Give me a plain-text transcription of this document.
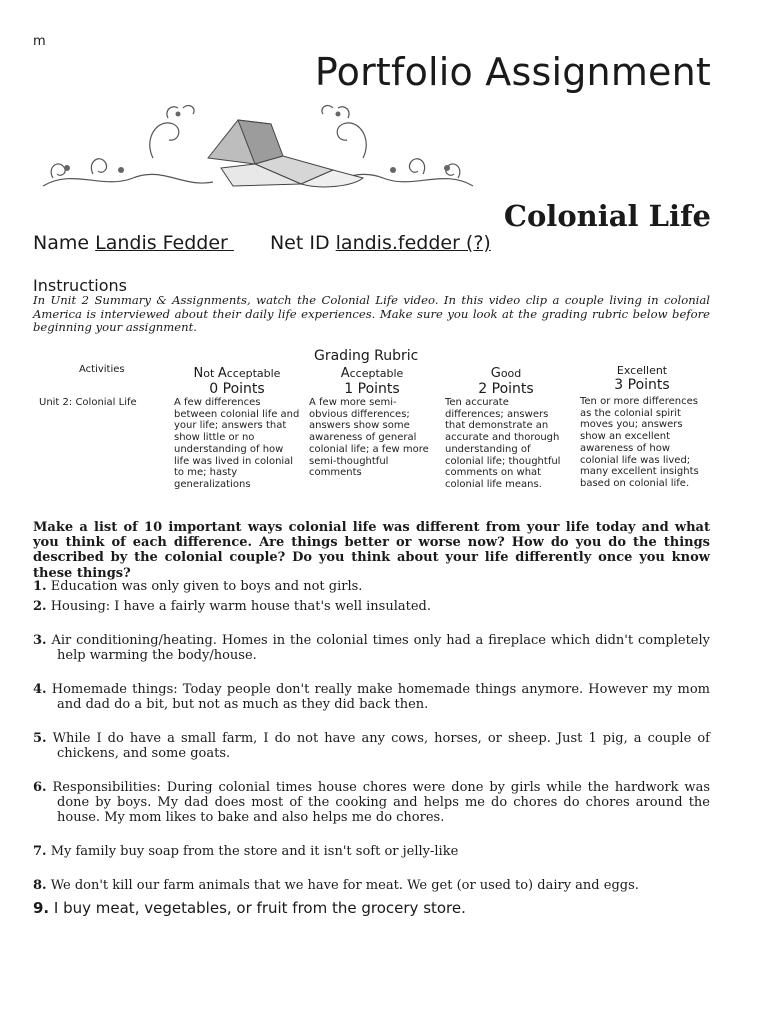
m
Portfolio Assignment
Colonial Life
Name Landis Fedder  Net ID landis.fedder (?)
Instructions
In Unit 2 Summary & Assignments, watch the Colonial Life video. In this video clip a couple living in colonial America is interviewed about their daily life experiences. Make sure you look at the grading rubric below before beginning your assignment.
Grading Rubric
Activities
Unit 2: Colonial Life
Not Acceptable
0 Points
A few differences between colonial life and your life; answers that show little or no understanding of how life was lived in colonial to me; hasty generalizations
Acceptable
1 Points
A few more semi-obvious differences; answers show some awareness of general colonial life; a few more semi-thoughtful comments
Good
2 Points
Ten accurate differences; answers that demonstrate an accurate and thorough understanding of colonial life; thoughtful comments on what colonial life means.
Excellent
3 Points
Ten or more differences as the colonial spirit moves you; answers show an excellent awareness of how colonial life was lived; many excellent insights based on colonial life.
Make a list of 10 important ways colonial life was different from your life today and what you think of each difference. Are things better or worse now? How do you do the things described by the colonial couple? Do you think about your life differently once you know these things?
1. Education was only given to boys and not girls.
2. Housing: I have a fairly warm house that's well insulated.
3. Air conditioning/heating. Homes in the colonial times only had a fireplace which didn't completely help warming the body/house.
4. Homemade things: Today people don't really make homemade things anymore. However my mom and dad do a bit, but not as much as they did back then.
5. While I do have a small farm, I do not have any cows, horses, or sheep. Just 1 pig, a couple of chickens, and some goats.
6. Responsibilities: During colonial times house chores were done by girls while the hardwork was done by boys. My dad does most of the cooking and helps me do chores do chores around the house. My mom likes to bake and also helps me do chores.
7. My family buy soap from the store and it isn't soft or jelly-like
8. We don't kill our farm animals that we have for meat. We get (or used to) dairy and eggs.
9. I buy meat, vegetables, or fruit from the grocery store.
